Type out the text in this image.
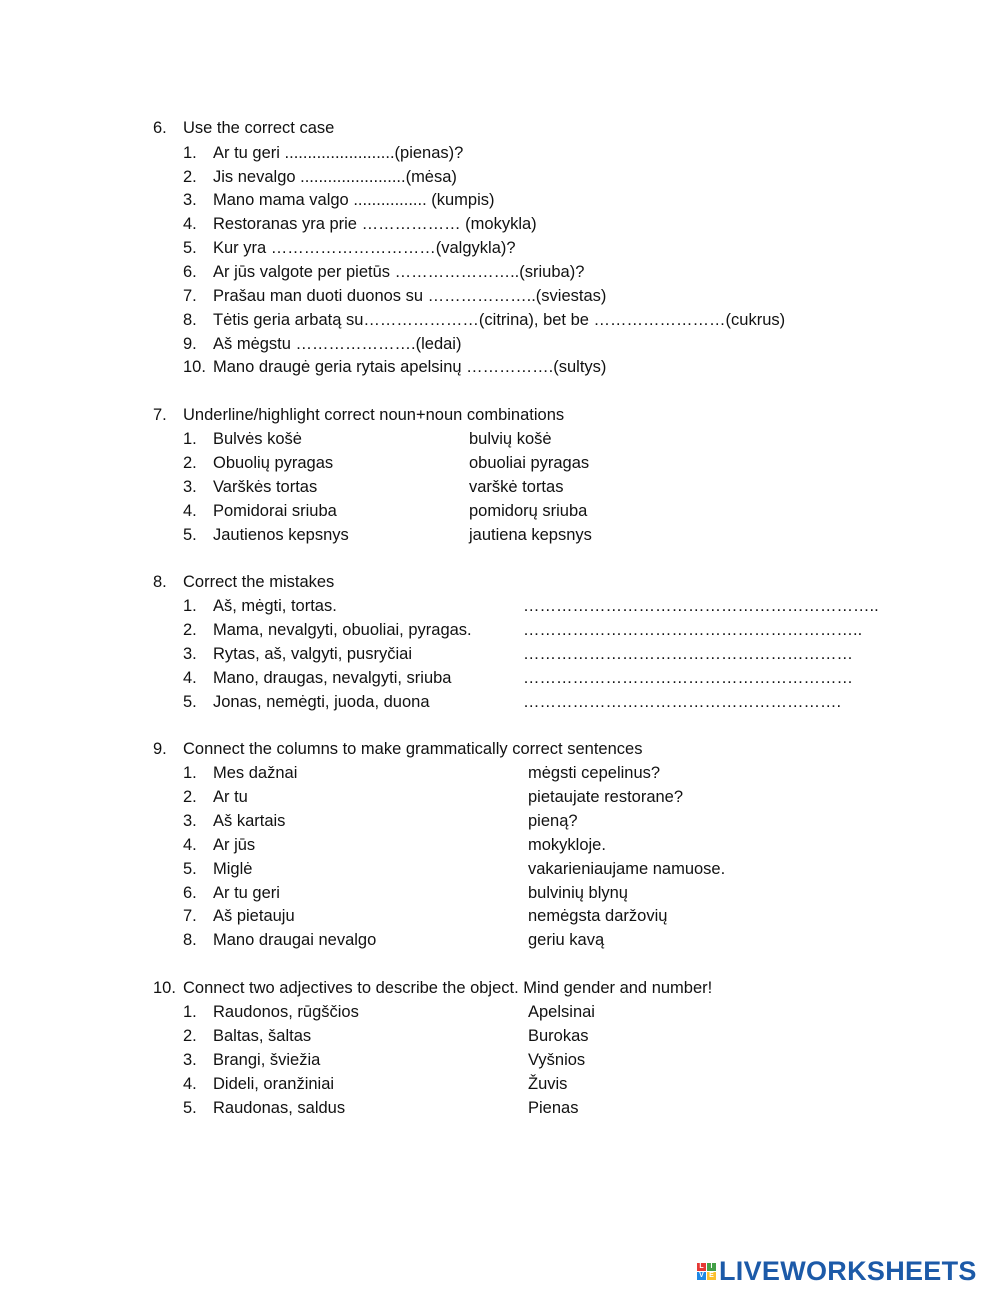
6. Use the correct case
1. Ar tu geri ........................(pienas)?
2. Jis nevalgo .......................(mėsa)
3. Mano mama valgo ................ (kumpis)
4. Restoranas yra prie ……………… (mokykla)
5. Kur yra …………………………(valgykla)?
6. Ar jūs valgote per pietūs …………………..(sriuba)?
7. Prašau man duoti duonos su ………………..(sviestas)
8. Tėtis geria arbatą su…………………(citrina), bet be ……………………(cukrus)
9. Aš mėgstu ………………….(ledai)
10. Mano draugė geria rytais apelsinų …………….(sultys)
7. Underline/highlight correct noun+noun combinations
1. Bulvės košė	bulvių košė
2. Obuolių pyragas	obuoliai pyragas
3. Varškės tortas	varškė tortas
4. Pomidorai sriuba	pomidorų sriuba
5. Jautienos kepsnys	jautiena kepsnys
8. Correct the mistakes
1. Aš, mėgti, tortas.	………………………………………………………..
2. Mama, nevalgyti, obuoliai, pyragas.	……………………………………………………..
3. Rytas, aš, valgyti, pusryčiai	……………………………………………………
4. Mano, draugas, nevalgyti, sriuba	……………………………………………………
5. Jonas, nemėgti, juoda, duona	………………………………………………….
9. Connect the columns to make grammatically correct sentences
1. Mes dažnai	mėgsti cepelinus?
2. Ar tu	pietaujate restorane?
3. Aš kartais	pieną?
4. Ar jūs	mokykloje.
5. Miglė	vakarieniaujame namuose.
6. Ar tu geri	bulvinių blynų
7. Aš pietauju	nemėgsta daržovių
8. Mano draugai nevalgo	geriu kavą
10. Connect two adjectives to describe the object. Mind gender and number!
1. Raudonos, rūgščios	Apelsinai
2. Baltas, šaltas	Burokas
3. Brangi, šviežia	Vyšnios
4. Dideli, oranžiniai	Žuvis
5. Raudonas, saldus	Pienas
L I
V E LIVEWORKSHEETS
